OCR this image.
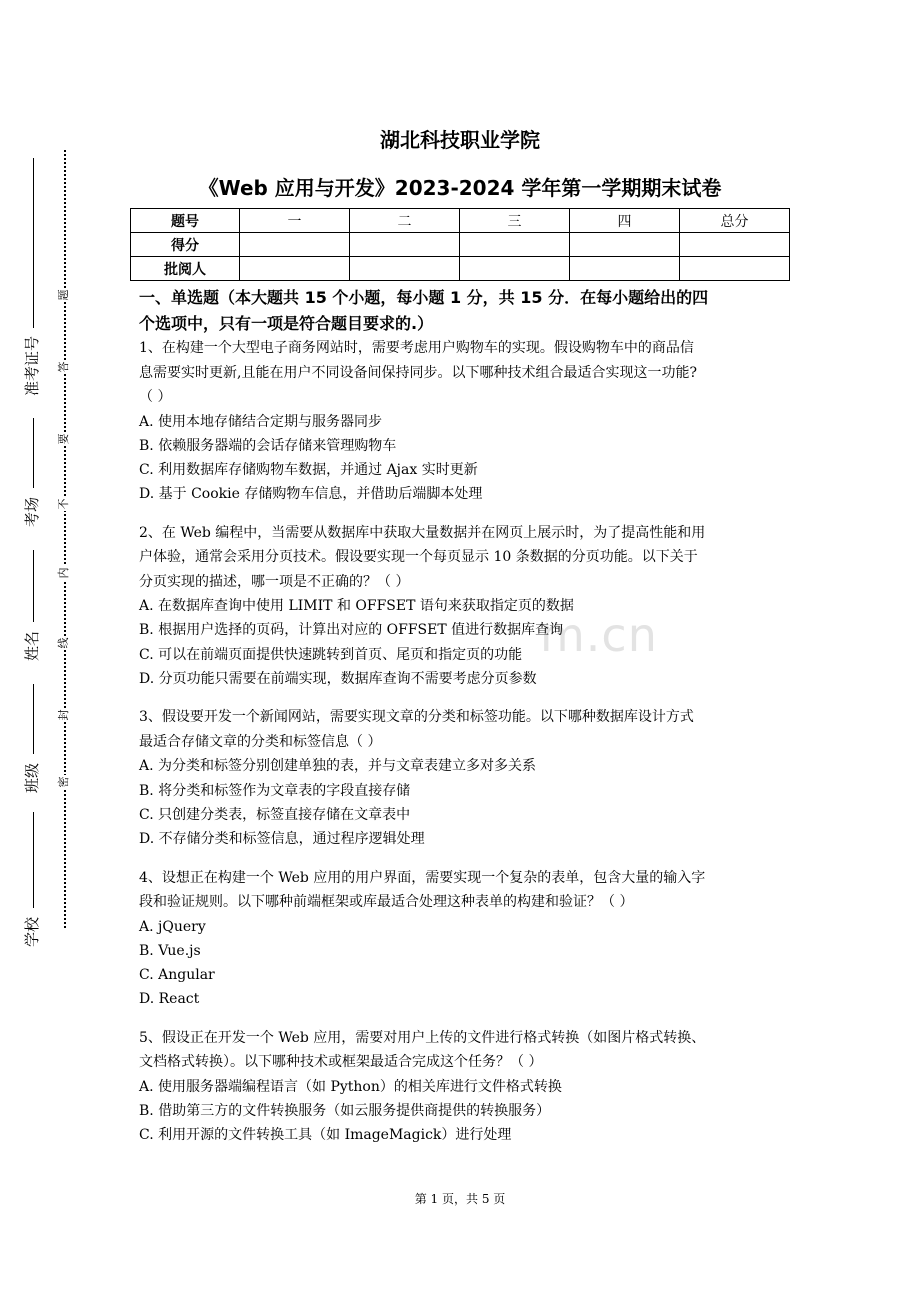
题
答
要
不
内
线
封
密
准考证号
考场
姓名
班级
学校
湖北科技职业学院
《Web 应用与开发》2023-2024 学年第一学期期末试卷
题号	一	二	三	四	总分
得分					
批阅人					
m.cn

一、单选题（本大题共 15 个小题，每小题 1 分，共 15 分．在每小题给出的四

个选项中，只有一项是符合题目要求的.）

1、在构建一个大型电子商务网站时，需要考虑用户购物车的实现。假设购物车中的商品信

息需要实时更新,且能在用户不同设备间保持同步。以下哪种技术组合最适合实现这一功能?

（ ）

A. 使用本地存储结合定期与服务器同步

B. 依赖服务器端的会话存储来管理购物车

C. 利用数据库存储购物车数据，并通过 Ajax 实时更新

D. 基于 Cookie 存储购物车信息，并借助后端脚本处理

2、在 Web 编程中，当需要从数据库中获取大量数据并在网页上展示时，为了提高性能和用

户体验，通常会采用分页技术。假设要实现一个每页显示 10 条数据的分页功能。以下关于

分页实现的描述，哪一项是不正确的？（ ）

A. 在数据库查询中使用 LIMIT 和 OFFSET 语句来获取指定页的数据

B. 根据用户选择的页码，计算出对应的 OFFSET 值进行数据库查询

C. 可以在前端页面提供快速跳转到首页、尾页和指定页的功能

D. 分页功能只需要在前端实现，数据库查询不需要考虑分页参数

3、假设要开发一个新闻网站，需要实现文章的分类和标签功能。以下哪种数据库设计方式

最适合存储文章的分类和标签信息（ ）

A. 为分类和标签分别创建单独的表，并与文章表建立多对多关系

B. 将分类和标签作为文章表的字段直接存储

C. 只创建分类表，标签直接存储在文章表中

D. 不存储分类和标签信息，通过程序逻辑处理

4、设想正在构建一个 Web 应用的用户界面，需要实现一个复杂的表单，包含大量的输入字

段和验证规则。以下哪种前端框架或库最适合处理这种表单的构建和验证？（ ）

A. jQuery

B. Vue.js

C. Angular

D. React

5、假设正在开发一个 Web 应用，需要对用户上传的文件进行格式转换（如图片格式转换、

文档格式转换）。以下哪种技术或框架最适合完成这个任务？（ ）

A. 使用服务器端编程语言（如 Python）的相关库进行文件格式转换

B. 借助第三方的文件转换服务（如云服务提供商提供的转换服务）

C. 利用开源的文件转换工具（如 ImageMagick）进行处理

第 1 页，共 5 页
